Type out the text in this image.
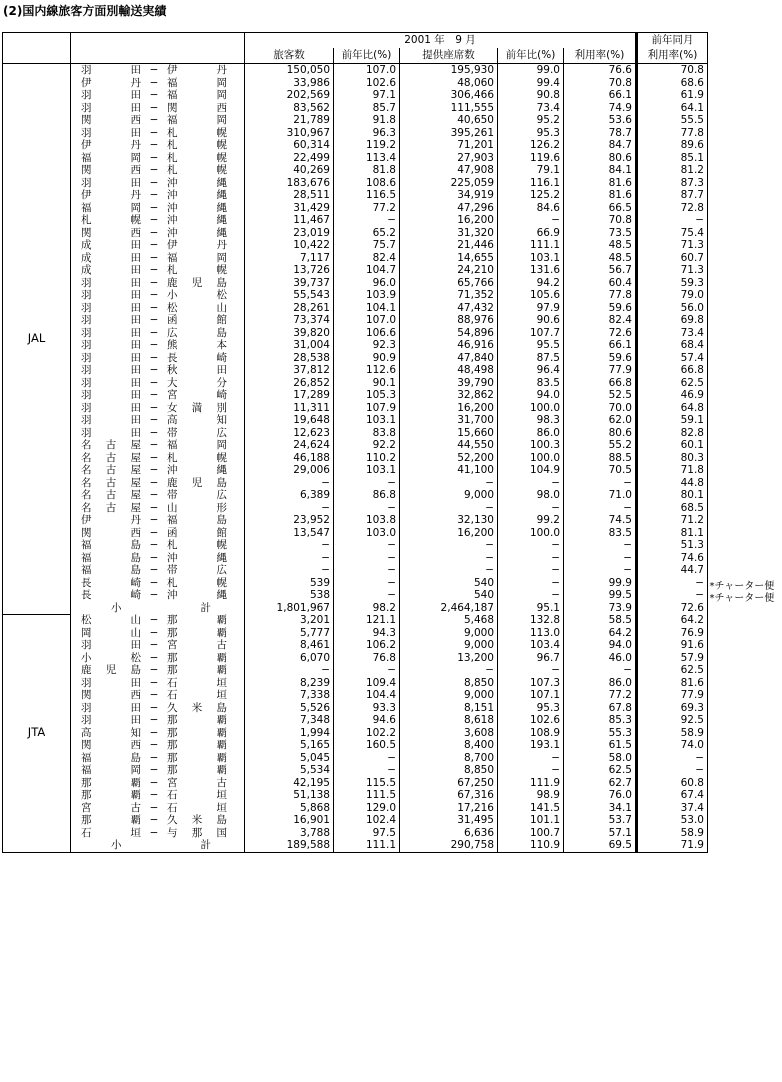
(2)国内線旅客方面別輸送実績
		2001 年　9 月					前年同月
		旅客数	前年比(%)	提供座席数	前年比(%)	利用率(%)	利用率(%)
JAL	羽田 − 伊丹	150,050	107.0	195,930	99.0	76.6	70.8
	伊丹 − 福岡	33,986	102.6	48,060	99.4	70.8	68.6
	羽田 − 福岡	202,569	97.1	306,466	90.8	66.1	61.9
	羽田 − 関西	83,562	85.7	111,555	73.4	74.9	64.1
	関西 − 福岡	21,789	91.8	40,650	95.2	53.6	55.5
	羽田 − 札幌	310,967	96.3	395,261	95.3	78.7	77.8
	伊丹 − 札幌	60,314	119.2	71,201	126.2	84.7	89.6
	福岡 − 札幌	22,499	113.4	27,903	119.6	80.6	85.1
	関西 − 札幌	40,269	81.8	47,908	79.1	84.1	81.2
	羽田 − 沖縄	183,676	108.6	225,059	116.1	81.6	87.3
	伊丹 − 沖縄	28,511	116.5	34,919	125.2	81.6	87.7
	福岡 − 沖縄	31,429	77.2	47,296	84.6	66.5	72.8
	札幌 − 沖縄	11,467	−	16,200	−	70.8	−
	関西 − 沖縄	23,019	65.2	31,320	66.9	73.5	75.4
	成田 − 伊丹	10,422	75.7	21,446	111.1	48.5	71.3
	成田 − 福岡	7,117	82.4	14,655	103.1	48.5	60.7
	成田 − 札幌	13,726	104.7	24,210	131.6	56.7	71.3
	羽田 − 鹿児島	39,737	96.0	65,766	94.2	60.4	59.3
	羽田 − 小松	55,543	103.9	71,352	105.6	77.8	79.0
	羽田 − 松山	28,261	104.1	47,432	97.9	59.6	56.0
	羽田 − 函館	73,374	107.0	88,976	90.6	82.4	69.8
	羽田 − 広島	39,820	106.6	54,896	107.7	72.6	73.4
	羽田 − 熊本	31,004	92.3	46,916	95.5	66.1	68.4
	羽田 − 長崎	28,538	90.9	47,840	87.5	59.6	57.4
	羽田 − 秋田	37,812	112.6	48,498	96.4	77.9	66.8
	羽田 − 大分	26,852	90.1	39,790	83.5	66.8	62.5
	羽田 − 宮崎	17,289	105.3	32,862	94.0	52.5	46.9
	羽田 − 女満別	11,311	107.9	16,200	100.0	70.0	64.8
	羽田 − 高知	19,648	103.1	31,700	98.3	62.0	59.1
	羽田 − 帯広	12,623	83.8	15,660	86.0	80.6	82.8
	名古屋 − 福岡	24,624	92.2	44,550	100.3	55.2	60.1
	名古屋 − 札幌	46,188	110.2	52,200	100.0	88.5	80.3
	名古屋 − 沖縄	29,006	103.1	41,100	104.9	70.5	71.8
	名古屋 − 鹿児島	−	−	−	−	−	44.8
	名古屋 − 帯広	6,389	86.8	9,000	98.0	71.0	80.1
	名古屋 − 山形	−	−	−	−	−	68.5
	伊丹 − 福島	23,952	103.8	32,130	99.2	74.5	71.2
	関西 − 函館	13,547	103.0	16,200	100.0	83.5	81.1
	福島 − 札幌	−	−	−	−	−	51.3
	福島 − 沖縄	−	−	−	−	−	74.6
	福島 − 帯広	−	−	−	−	−	44.7
	長崎 − 札幌	539	−	540	−	99.9	−
	長崎 − 沖縄	538	−	540	−	99.5	−
	小計	1,801,967	98.2	2,464,187	95.1	73.9	72.6
JTA	松山 − 那覇	3,201	121.1	5,468	132.8	58.5	64.2
	岡山 − 那覇	5,777	94.3	9,000	113.0	64.2	76.9
	羽田 − 宮古	8,461	106.2	9,000	103.4	94.0	91.6
	小松 − 那覇	6,070	76.8	13,200	96.7	46.0	57.9
	鹿児島 − 那覇	−	−	−	−	−	62.5
	羽田 − 石垣	8,239	109.4	8,850	107.3	86.0	81.6
	関西 − 石垣	7,338	104.4	9,000	107.1	77.2	77.9
	羽田 − 久米島	5,526	93.3	8,151	95.3	67.8	69.3
	羽田 − 那覇	7,348	94.6	8,618	102.6	85.3	92.5
	高知 − 那覇	1,994	102.2	3,608	108.9	55.3	58.9
	関西 − 那覇	5,165	160.5	8,400	193.1	61.5	74.0
	福島 − 那覇	5,045	−	8,700	−	58.0	−
	福岡 − 那覇	5,534	−	8,850	−	62.5	−
	那覇 − 宮古	42,195	115.5	67,250	111.9	62.7	60.8
	那覇 − 石垣	51,138	111.5	67,316	98.9	76.0	67.4
	宮古 − 石垣	5,868	129.0	17,216	141.5	34.1	37.4
	那覇 − 久米島	16,901	102.4	31,495	101.1	53.7	53.0
	石垣 − 与那国	3,788	97.5	6,636	100.7	57.1	58.9
	小計	189,588	111.1	290,758	110.9	69.5	71.9
*チャーター便
*チャーター便
